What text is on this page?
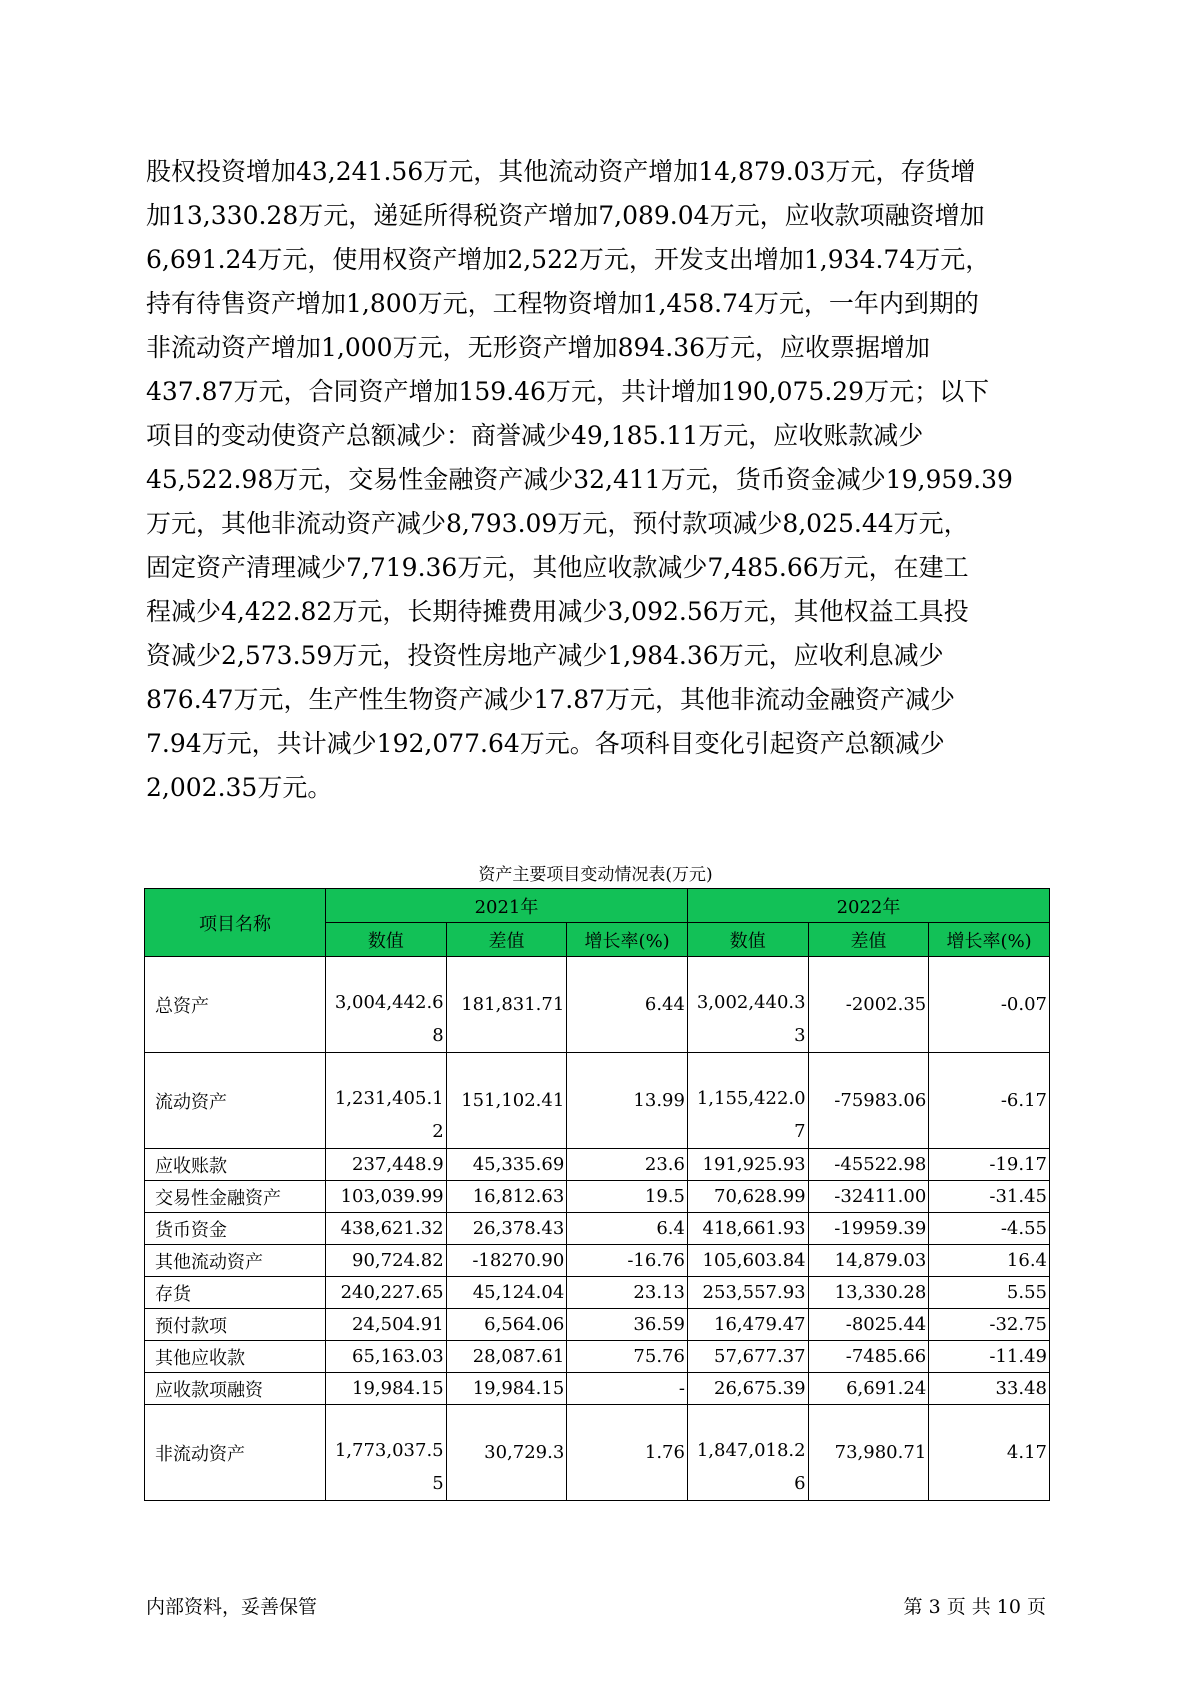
股权投资增加43,241.56万元，其他流动资产增加14,879.03万元，存货增
加13,330.28万元，递延所得税资产增加7,089.04万元，应收款项融资增加
6,691.24万元，使用权资产增加2,522万元，开发支出增加1,934.74万元，
持有待售资产增加1,800万元，工程物资增加1,458.74万元，一年内到期的
非流动资产增加1,000万元，无形资产增加894.36万元，应收票据增加
437.87万元，合同资产增加159.46万元，共计增加190,075.29万元；以下
项目的变动使资产总额减少：商誉减少49,185.11万元，应收账款减少
45,522.98万元，交易性金融资产减少32,411万元，货币资金减少19,959.39
万元，其他非流动资产减少8,793.09万元，预付款项减少8,025.44万元，
固定资产清理减少7,719.36万元，其他应收款减少7,485.66万元，在建工
程减少4,422.82万元，长期待摊费用减少3,092.56万元，其他权益工具投
资减少2,573.59万元，投资性房地产减少1,984.36万元，应收利息减少
876.47万元，生产性生物资产减少17.87万元，其他非流动金融资产减少
7.94万元，共计减少192,077.64万元。各项科目变化引起资产总额减少
2,002.35万元。
资产主要项目变动情况表(万元)
项目名称	2021年			2022年		
	数值	差值	增长率(%)	数值	差值	增长率(%)
总资产	3,004,442.68	181,831.71	6.44	3,002,440.33	-2002.35	-0.07
流动资产	1,231,405.12	151,102.41	13.99	1,155,422.07	-75983.06	-6.17
应收账款	237,448.9	45,335.69	23.6	191,925.93	-45522.98	-19.17
交易性金融资产	103,039.99	16,812.63	19.5	70,628.99	-32411.00	-31.45
货币资金	438,621.32	26,378.43	6.4	418,661.93	-19959.39	-4.55
其他流动资产	90,724.82	-18270.90	-16.76	105,603.84	14,879.03	16.4
存货	240,227.65	45,124.04	23.13	253,557.93	13,330.28	5.55
预付款项	24,504.91	6,564.06	36.59	16,479.47	-8025.44	-32.75
其他应收款	65,163.03	28,087.61	75.76	57,677.37	-7485.66	-11.49
应收款项融资	19,984.15	19,984.15	-	26,675.39	6,691.24	33.48
非流动资产	1,773,037.55	30,729.3	1.76	1,847,018.26	73,980.71	4.17
内部资料，妥善保管	第 3 页 共 10 页
